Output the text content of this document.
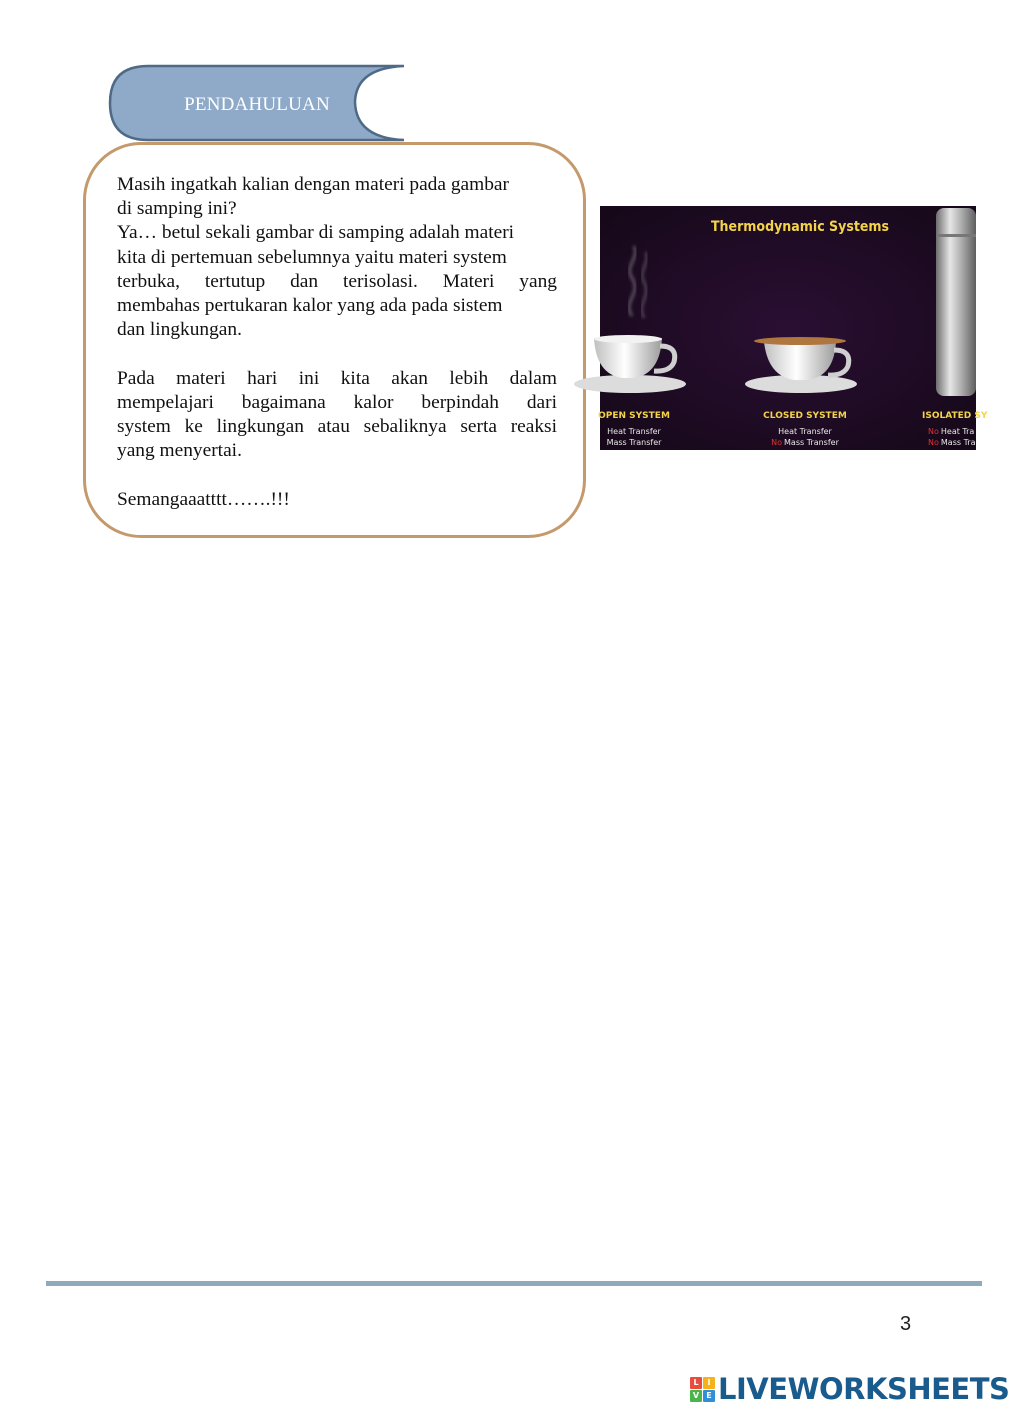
PENDAHULUAN

Masih ingatkah kalian dengan materi pada gambar
di samping ini?
Ya… betul sekali gambar di samping adalah materi
kita di pertemuan sebelumnya yaitu materi system
terbuka, tertutup dan terisolasi. Materi yang
membahas pertukaran kalor yang ada pada sistem
dan lingkungan.

Pada materi hari ini kita akan lebih dalam
mempelajari bagaimana kalor berpindah dari
system ke lingkungan atau sebaliknya serta reaksi
yang menyertai.

Semangaaatttt…….!!!

Thermodynamic Systems
OPEN SYSTEM
Heat Transfer
Mass Transfer
CLOSED SYSTEM
Heat Transfer
No Mass Transfer
ISOLATED SY
No Heat Tra
No Mass Tra
3
L	I
V E LIVEWORKSHEETS
